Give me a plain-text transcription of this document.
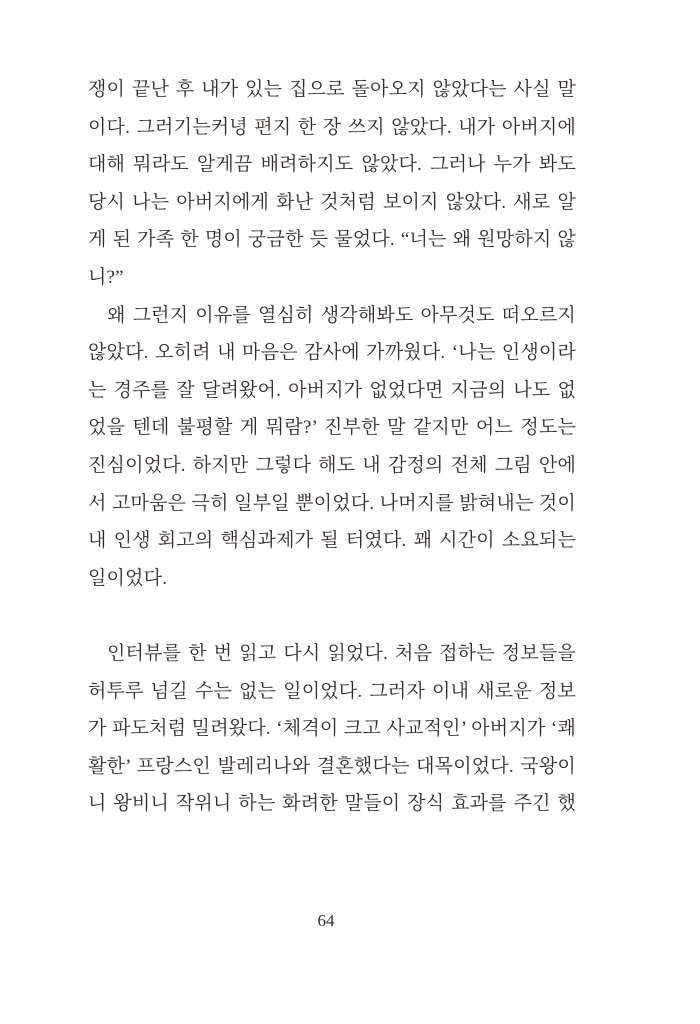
쟁이 끝난 후 내가 있는 집으로 돌아오지 않았다는 사실 말
이다. 그러기는커녕 편지 한 장 쓰지 않았다. 내가 아버지에
대해 뭐라도 알게끔 배려하지도 않았다. 그러나 누가 봐도
당시 나는 아버지에게 화난 것처럼 보이지 않았다. 새로 알
게 된 가족 한 명이 궁금한 듯 물었다. “너는 왜 원망하지 않
니?”
왜 그런지 이유를 열심히 생각해봐도 아무것도 떠오르지
않았다. 오히려 내 마음은 감사에 가까웠다. ‘나는 인생이라
는 경주를 잘 달려왔어. 아버지가 없었다면 지금의 나도 없
었을 텐데 불평할 게 뭐람?’ 진부한 말 같지만 어느 정도는
진심이었다. 하지만 그렇다 해도 내 감정의 전체 그림 안에
서 고마움은 극히 일부일 뿐이었다. 나머지를 밝혀내는 것이
내 인생 회고의 핵심과제가 될 터였다. 꽤 시간이 소요되는
일이었다.
인터뷰를 한 번 읽고 다시 읽었다. 처음 접하는 정보들을
허투루 넘길 수는 없는 일이었다. 그러자 이내 새로운 정보
가 파도처럼 밀려왔다. ‘체격이 크고 사교적인’ 아버지가 ‘쾌
활한’ 프랑스인 발레리나와 결혼했다는 대목이었다. 국왕이
니 왕비니 작위니 하는 화려한 말들이 장식 효과를 주긴 했
64
